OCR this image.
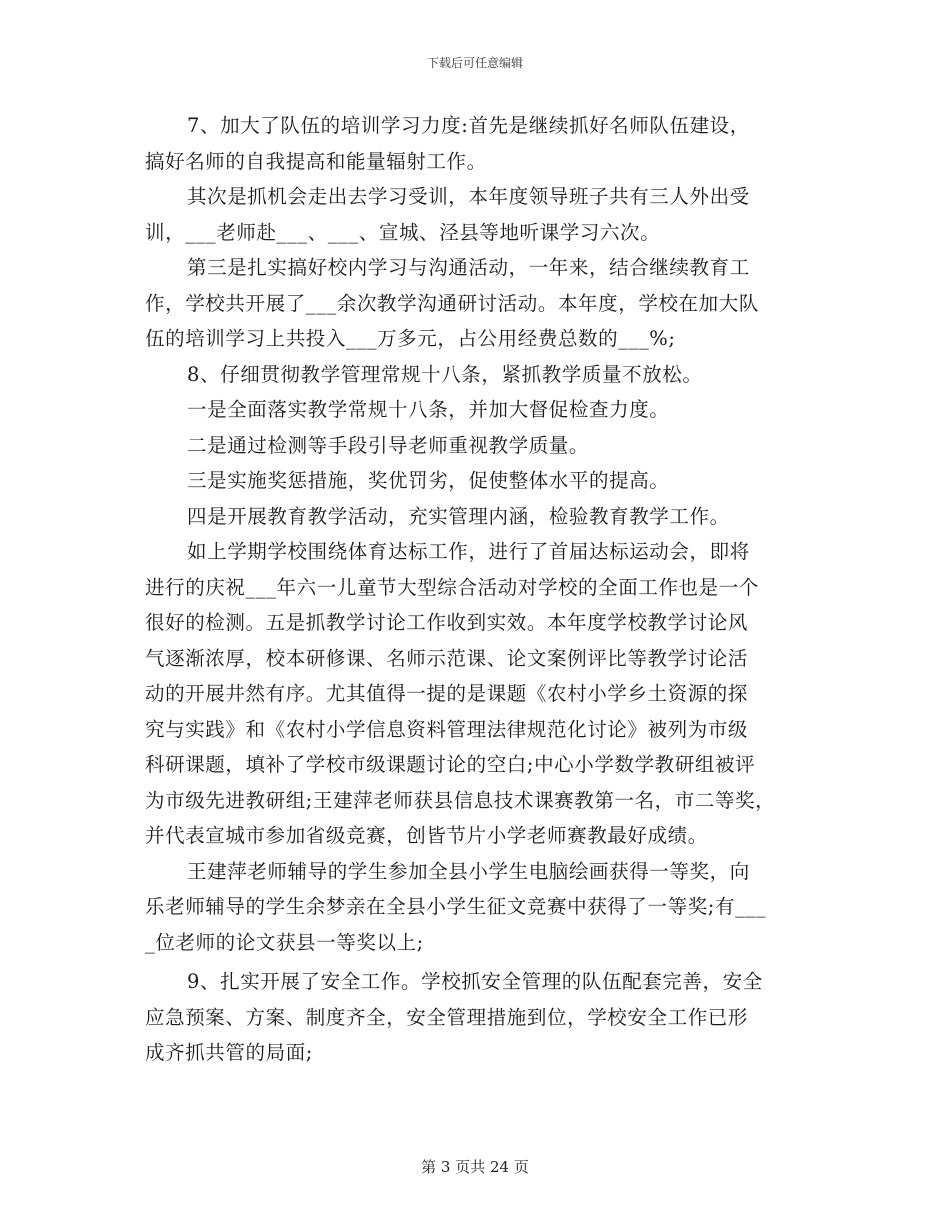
下载后可任意编辑
7、加大了队伍的培训学习力度:首先是继续抓好名师队伍建设，
搞好名师的自我提高和能量辐射工作。
其次是抓机会走出去学习受训，本年度领导班子共有三人外出受
训，___老师赴___、___、宣城、泾县等地听课学习六次。
第三是扎实搞好校内学习与沟通活动，一年来，结合继续教育工
作，学校共开展了___余次教学沟通研讨活动。本年度，学校在加大队
伍的培训学习上共投入___万多元，占公用经费总数的___%;
8、仔细贯彻教学管理常规十八条，紧抓教学质量不放松。
一是全面落实教学常规十八条，并加大督促检查力度。
二是通过检测等手段引导老师重视教学质量。
三是实施奖惩措施，奖优罚劣，促使整体水平的提高。
四是开展教育教学活动，充实管理内涵，检验教育教学工作。
如上学期学校围绕体育达标工作，进行了首届达标运动会，即将
进行的庆祝___年六一儿童节大型综合活动对学校的全面工作也是一个
很好的检测。五是抓教学讨论工作收到实效。本年度学校教学讨论风
气逐渐浓厚，校本研修课、名师示范课、论文案例评比等教学讨论活
动的开展井然有序。尤其值得一提的是课题《农村小学乡土资源的探
究与实践》和《农村小学信息资料管理法律规范化讨论》被列为市级
科研课题，填补了学校市级课题讨论的空白;中心小学数学教研组被评
为市级先进教研组;王建萍老师获县信息技术课赛教第一名，市二等奖，
并代表宣城市参加省级竞赛，创皆节片小学老师赛教最好成绩。
王建萍老师辅导的学生参加全县小学生电脑绘画获得一等奖，向
乐老师辅导的学生余梦亲在全县小学生征文竞赛中获得了一等奖;有___
_位老师的论文获县一等奖以上;
9、扎实开展了安全工作。学校抓安全管理的队伍配套完善，安全
应急预案、方案、制度齐全，安全管理措施到位，学校安全工作已形
成齐抓共管的局面;
第 3 页共 24 页
